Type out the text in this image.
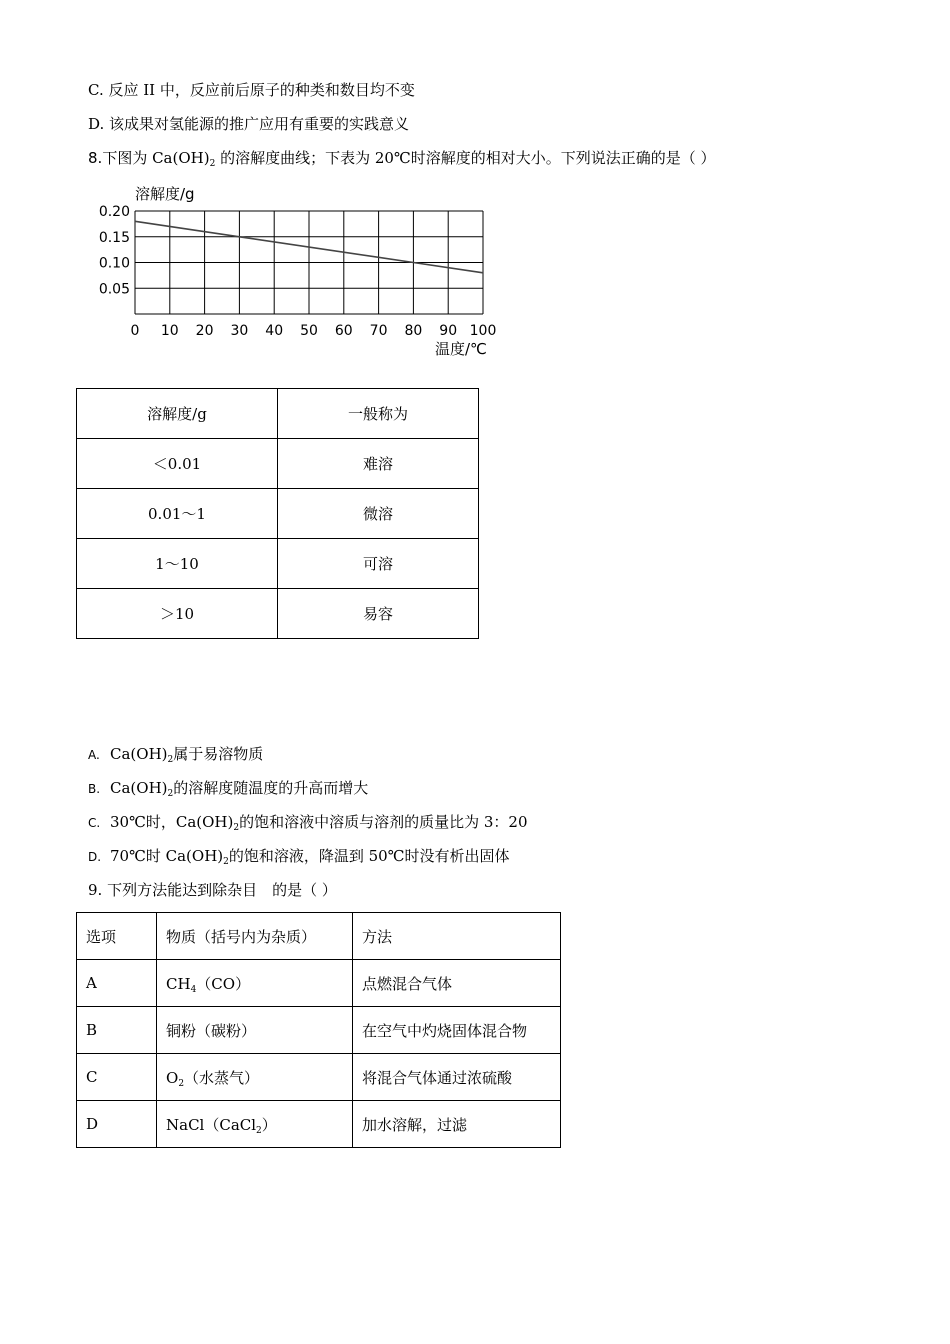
C. 反应 II 中，反应前后原子的种类和数目均不变
D. 该成果对氢能源的推广应用有重要的实践意义
8.下图为 $Ca(OH)_2$ 的溶解度曲线；下表为 20℃时溶解度的相对大小。下列说法正确的是（ ）
0.20
0.15
0.10
0.05
0 10 20 30 40 50 60 70 80 90 100
溶解度/g
温度/℃
溶解度/g	一般称为
＜0.01	难溶
0.01～1	微溶
1～10	可溶
＞10	易容
A. $Ca(OH)_2$属于易溶物质
B. $Ca(OH)_2$的溶解度随温度的升高而增大
C. 30℃时，$Ca(OH)_2$的饱和溶液中溶质与溶剂的质量比为 3：20
D. 70℃时 $Ca(OH)_2$的饱和溶液，降温到 50℃时没有析出固体
9. 下列方法能达到除杂目　的是（ ）
选项	物质（括号内为杂质）	方法
A	$CH_4(CO)$	点燃混合气体
B	铜粉（碳粉）	在空气中灼烧固体混合物
C	$O_2$（水蒸气）	将混合气体通过浓硫酸
D	NaCl（CaCl$_2$）	加水溶解，过滤
